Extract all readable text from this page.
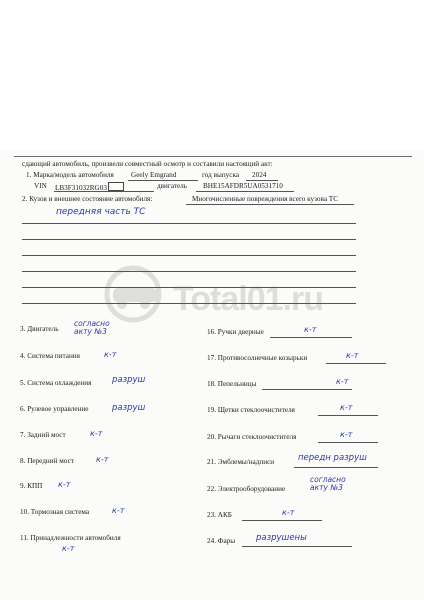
сдающий автомобиль, произвели совместный осмотр и составили настоящий акт:
1. Марка/модель автомобиля Geely Emgrand	год выпуска 2024
VIN LB3F31032RG03	двигатель BHE15AFDR5UA0531710
2. Кузов и внешнее состояние автомобиля:	Многочисленные повреждения всего кузова ТС
передняя часть ТС
3. Двигатель
согласно акту №3
4. Система питания	к-т
5. Система охлаждения разруш
6. Рулевое управление	разруш
7. Задний мост	к-т
8. Передний мост	к-т
9. КПП к-т
10. Тормозная система	к-т
11. Принадлежности автомобиля
к-т
16. Ручки дверные	к-т
17. Противосолнечные козырьки	к-т
18. Пепельницы	к-т
19. Щетки стеклоочистителя	к-т
20. Рычаги стеклоочистителя	к-т
21. Эмблемы/надписи	передн разруш
22. Электрооборудование
согласно акту №3
23. АКБ	к-т
24. Фары разрушены
